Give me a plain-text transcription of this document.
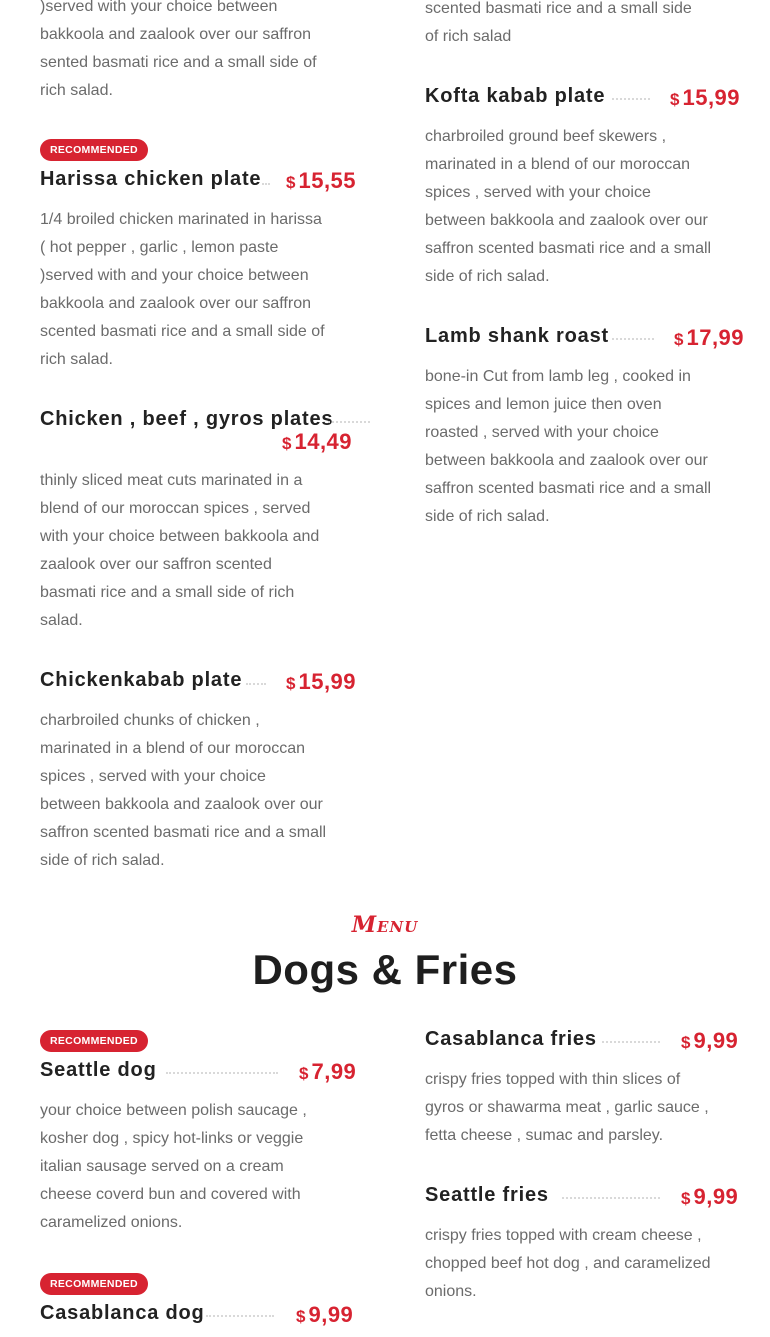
)served with your choice between bakkoola and zaalook over our saffron sented basmati rice and a small side of rich salad.
scented basmati rice and a small side of rich salad
RECOMMENDED
Harissa chicken plate $ 15,55
1/4 broiled chicken marinated in harissa ( hot pepper , garlic , lemon paste )served with and your choice between bakkoola and zaalook over our saffron scented basmati rice and a small side of rich salad.
Chicken , beef , gyros plates
$ 14,49
thinly sliced meat cuts marinated in a blend of our moroccan spices , served with your choice between bakkoola and zaalook over our saffron scented basmati rice and a small side of rich salad.
Chickenkabab plate	$ 15,99
charbroiled chunks of chicken , marinated in a blend of our moroccan spices , served with your choice between bakkoola and zaalook over our saffron scented basmati rice and a small side of rich salad.
Kofta kabab plate	$ 15,99
charbroiled ground beef skewers , marinated in a blend of our moroccan spices , served with your choice between bakkoola and zaalook over our saffron scented basmati rice and a small side of rich salad.
Lamb shank roast	$ 17,99
bone-in Cut from lamb leg , cooked in spices and lemon juice then oven roasted , served with your choice between bakkoola and zaalook over our saffron scented basmati rice and a small side of rich salad.
Menu
Dogs & Fries
RECOMMENDED
Seattle dog	$ 7,99
your choice between polish saucage , kosher dog , spicy hot-links or veggie italian sausage served on a cream cheese coverd bun and covered with caramelized onions.
RECOMMENDED
Casablanca dog	$ 9,99
Casablanca fries	$ 9,99
crispy fries topped with thin slices of gyros or shawarma meat , garlic sauce , fetta cheese , sumac and parsley.
Seattle fries	$ 9,99
crispy fries topped with cream cheese , chopped beef hot dog , and caramelized onions.
